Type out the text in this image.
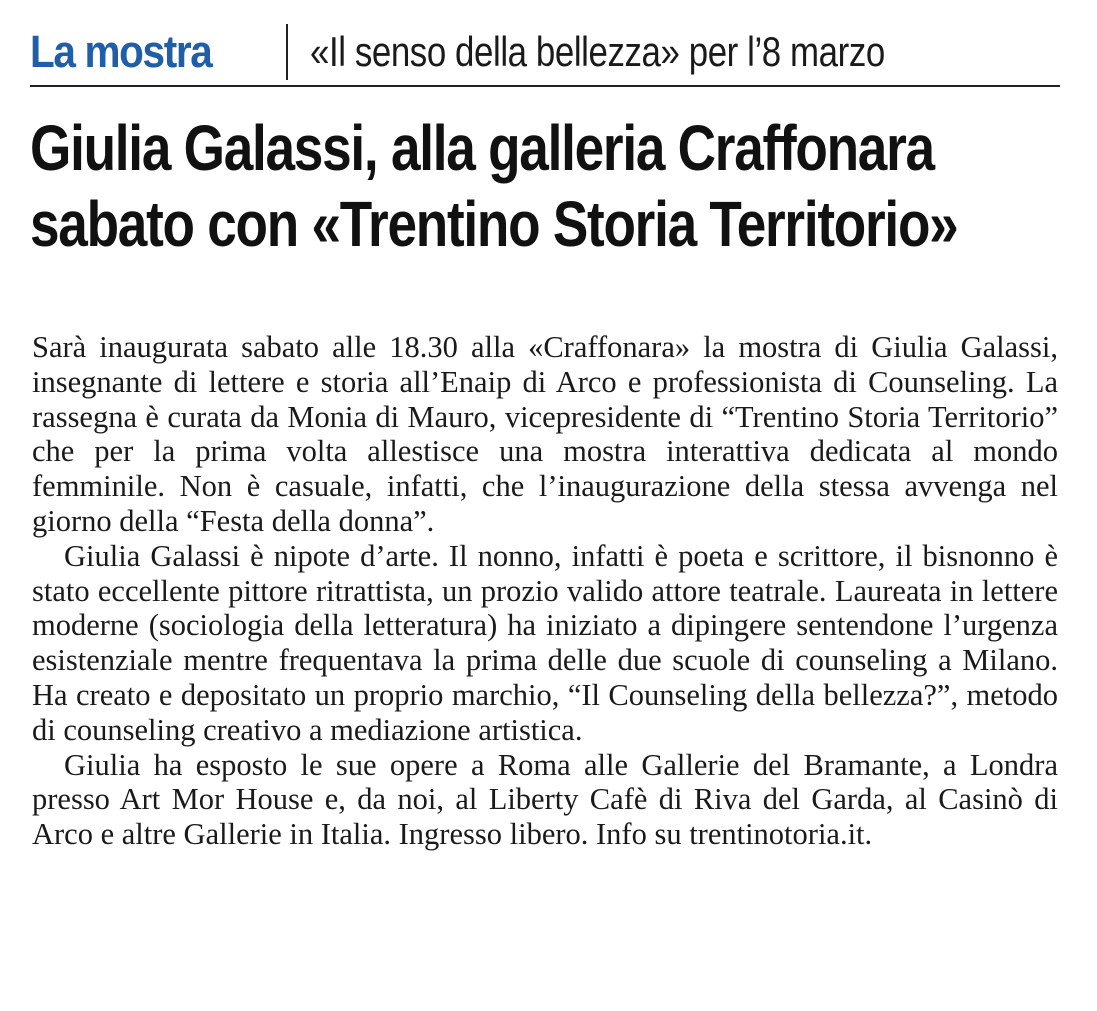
La mostra	«Il senso della bellezza» per l’8 marzo
Giulia Galassi, alla galleria Craffonara
sabato con «Trentino Storia Territorio»

Sarà inaugurata sabato alle 18.30 alla «Craffonara» la mostra di Giulia Galassi, insegnante di lettere e storia all’Enaip di Arco e professionista di Counseling. La rassegna è curata da Monia di Mauro, vicepresidente di “Trentino Storia Territorio” che per la prima volta allestisce una mostra interattiva dedicata al mondo femminile. Non è casuale, infatti, che l’inaugurazione della stessa avvenga nel giorno della “Festa della donna”.

Giulia Galassi è nipote d’arte. Il nonno, infatti è poeta e scrittore, il bisnonno è stato eccellente pittore ritrattista, un prozio valido attore teatrale. Laureata in lettere moderne (sociologia della letteratura) ha iniziato a dipingere sentendone l’urgenza esistenziale mentre frequentava la prima delle due scuole di counseling a Milano. Ha creato e depositato un proprio marchio, “Il Counseling della bellezza?”, metodo di counseling creativo a mediazione artistica.

Giulia ha esposto le sue opere a Roma alle Gallerie del Bramante, a Londra presso Art Mor House e, da noi, al Liberty Cafè di Riva del Garda, al Casinò di Arco e altre Gallerie in Italia. Ingresso libero. Info su trentinotoria.it.
